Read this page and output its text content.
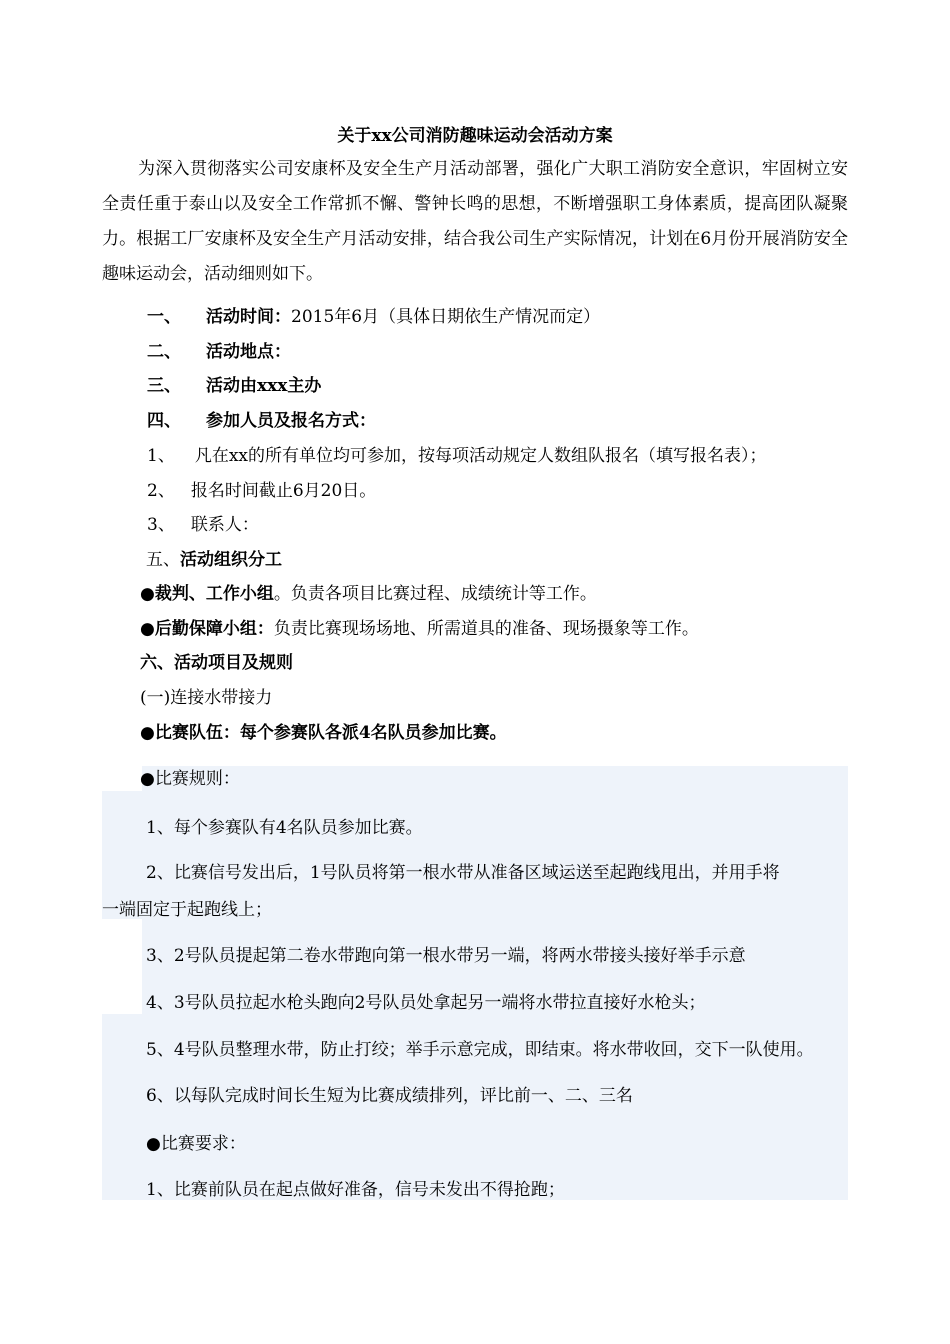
关于xx公司消防趣味运动会活动方案

为深入贯彻落实公司安康杯及安全生产月活动部署，强化广大职工消防安全意识，牢固树立安全责任重于泰山以及安全工作常抓不懈、警钟长鸣的思想，不断增强职工身体素质，提高团队凝聚力。根据工厂安康杯及安全生产月活动安排，结合我公司生产实际情况，计划在6月份开展消防安全趣味运动会，活动细则如下。

一、 活动时间：2015年6月（具体日期依生产情况而定）
二、 活动地点：
三、 活动由xxx主办
四、 参加人员及报名方式：
1、 凡在xx的所有单位均可参加，按每项活动规定人数组队报名（填写报名表）；
2、 报名时间截止6月20日。
3、 联系人：
五、活动组织分工
●裁判、工作小组。负责各项目比赛过程、成绩统计等工作。
●后勤保障小组：负责比赛现场场地、所需道具的准备、现场摄象等工作。
六、活动项目及规则
(一)连接水带接力
●比赛队伍：每个参赛队各派4名队员参加比赛。
●比赛规则：
1、每个参赛队有4名队员参加比赛。
2、比赛信号发出后，1号队员将第一根水带从准备区域运送至起跑线甩出，并用手将
一端固定于起跑线上；
3、2号队员提起第二卷水带跑向第一根水带另一端，将两水带接头接好举手示意
4、3号队员拉起水枪头跑向2号队员处拿起另一端将水带拉直接好水枪头；
5、4号队员整理水带，防止打绞；举手示意完成，即结束。将水带收回，交下一队使用。
6、以每队完成时间长生短为比赛成绩排列，评比前一、二、三名
●比赛要求：
1、比赛前队员在起点做好准备，信号未发出不得抢跑；
